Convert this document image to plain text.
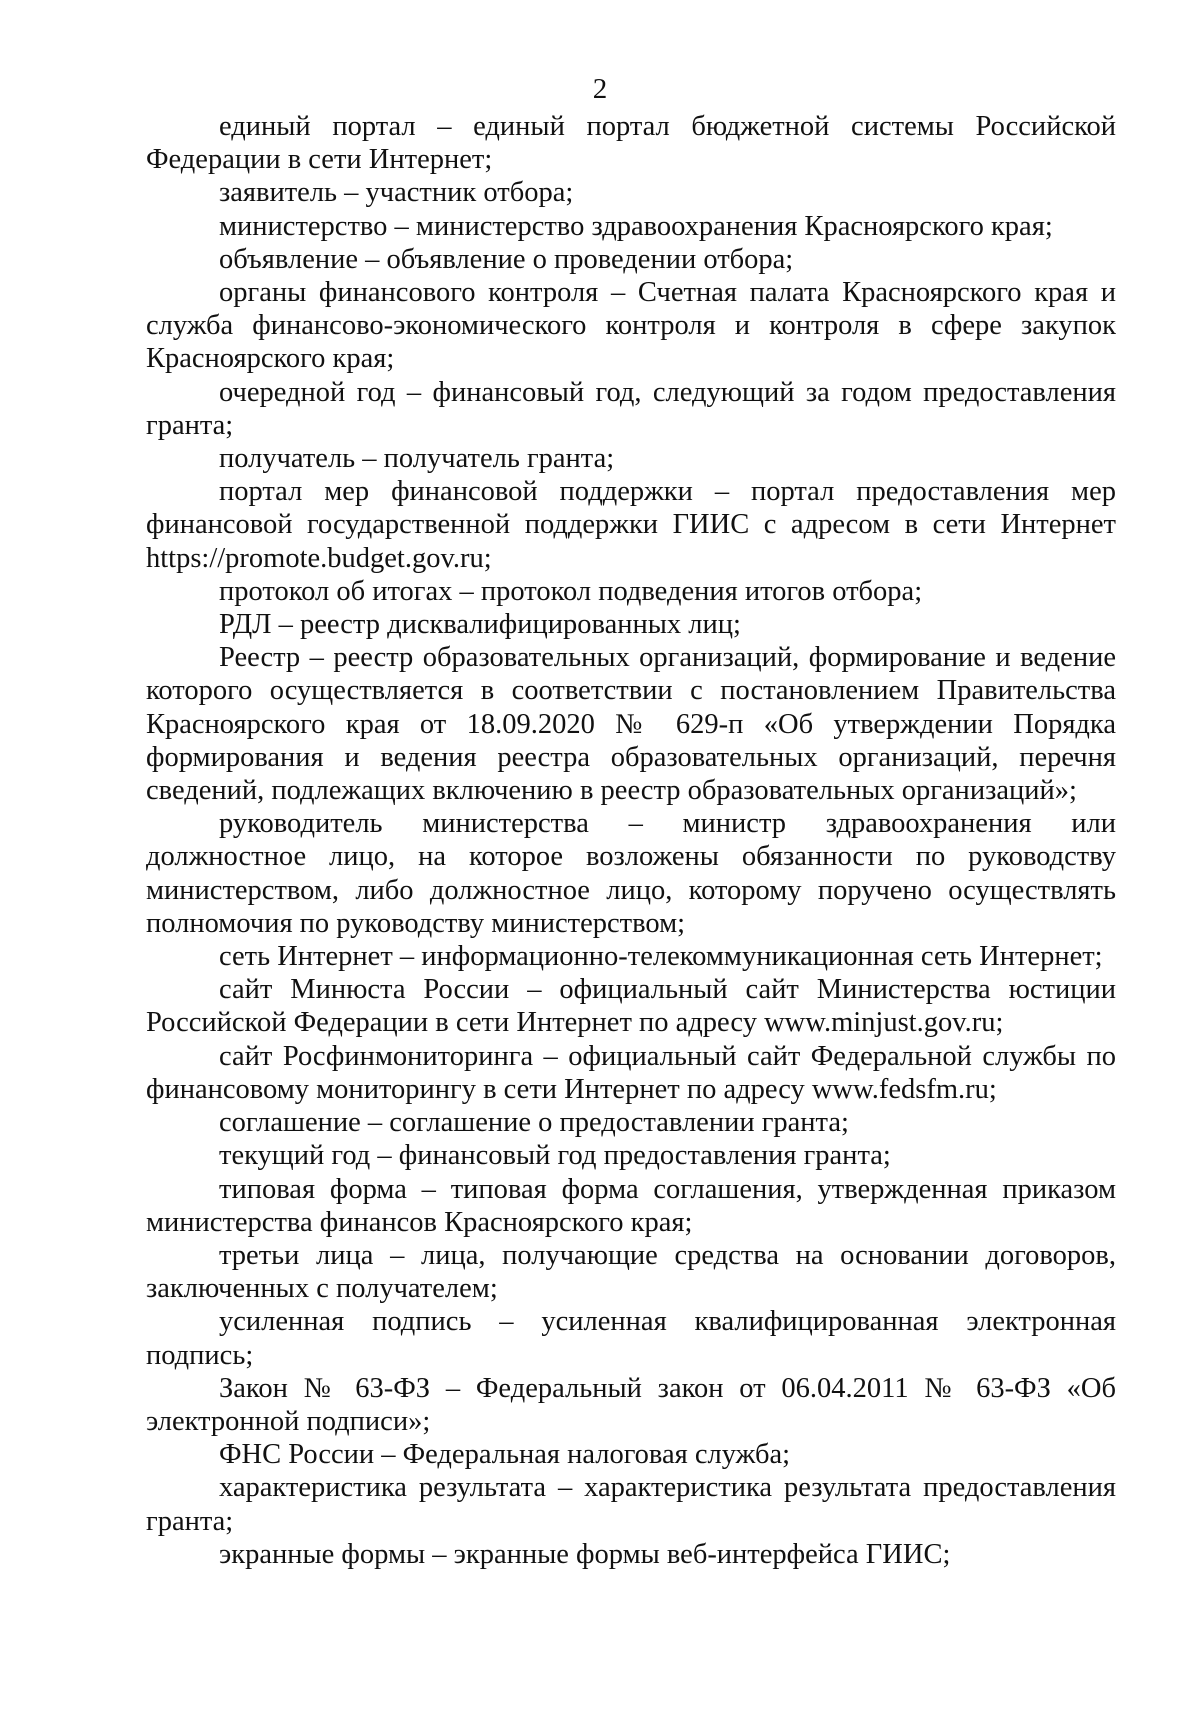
2

единый портал – единый портал бюджетной системы Российской Федерации в сети Интернет;

заявитель – участник отбора;

министерство – министерство здравоохранения Красноярского края;

объявление – объявление о проведении отбора;

органы финансового контроля – Счетная палата Красноярского края и служба финансово-экономического контроля и контроля в сфере закупок Красноярского края;

очередной год – финансовый год, следующий за годом предоставления гранта;

получатель – получатель гранта;

портал мер финансовой поддержки – портал предоставления мер финансовой государственной поддержки ГИИС с адресом в сети Интернет https://promote.budget.gov.ru;

протокол об итогах – протокол подведения итогов отбора;

РДЛ – реестр дисквалифицированных лиц;

Реестр – реестр образовательных организаций, формирование и ведение которого осуществляется в соответствии с постановлением Правительства Красноярского края от 18.09.2020 № 629-п «Об утверждении Порядка формирования и ведения реестра образовательных организаций, перечня сведений, подлежащих включению в реестр образовательных организаций»;

руководитель министерства – министр здравоохранения или должностное лицо, на которое возложены обязанности по руководству министерством, либо должностное лицо, которому поручено осуществлять полномочия по руководству министерством;

сеть Интернет – информационно-телекоммуникационная сеть Интернет;

сайт Минюста России – официальный сайт Министерства юстиции Российской Федерации в сети Интернет по адресу www.minjust.gov.ru;

сайт Росфинмониторинга – официальный сайт Федеральной службы по финансовому мониторингу в сети Интернет по адресу www.fedsfm.ru;

соглашение – соглашение о предоставлении гранта;

текущий год – финансовый год предоставления гранта;

типовая форма – типовая форма соглашения, утвержденная приказом министерства финансов Красноярского края;

третьи лица – лица, получающие средства на основании договоров, заключенных с получателем;

усиленная подпись – усиленная квалифицированная электронная подпись;

Закон № 63-ФЗ – Федеральный закон от 06.04.2011 № 63-ФЗ «Об электронной подписи»;

ФНС России – Федеральная налоговая служба;

характеристика результата – характеристика результата предоставления гранта;

экранные формы – экранные формы веб-интерфейса ГИИС;
